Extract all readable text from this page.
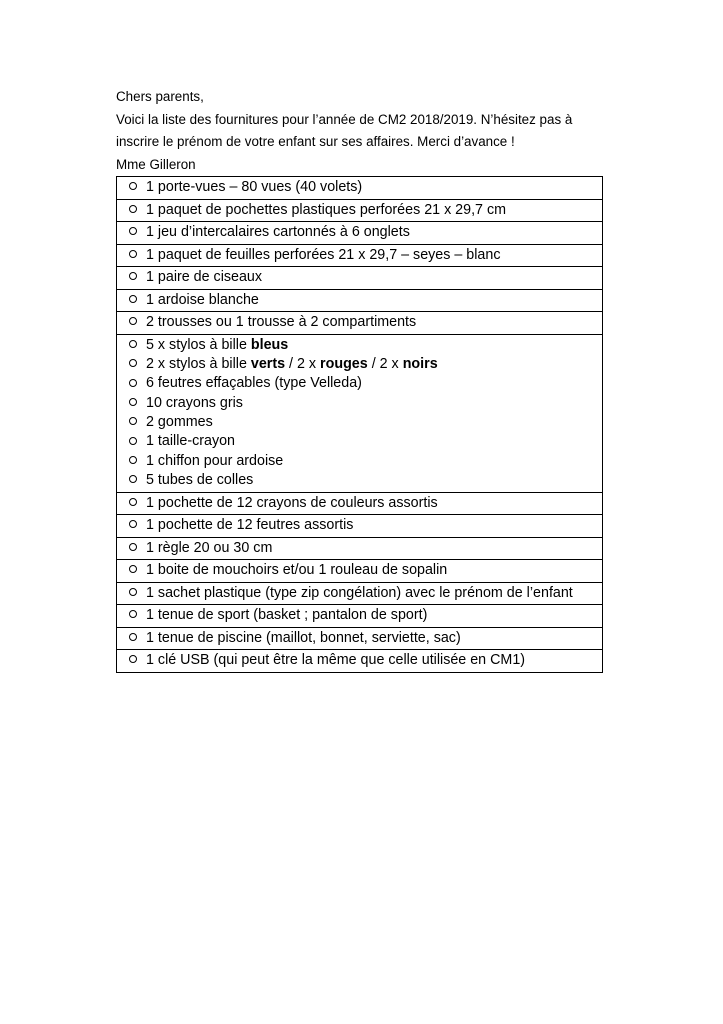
Chers parents,

Voici la liste des fournitures pour l’année de CM2 2018/2019. N’hésitez pas à

inscrire le prénom de votre enfant sur ses affaires. Merci d’avance !

Mme Gilleron

1 porte-vues – 80 vues (40 volets)

1 paquet de pochettes plastiques perforées 21 x 29,7 cm

1 jeu d’intercalaires cartonnés à 6 onglets

1 paquet de feuilles perforées 21 x 29,7 – seyes – blanc

1 paire de ciseaux

1 ardoise blanche

2 trousses ou 1 trousse à 2 compartiments

5 x stylos à bille bleus
2 x stylos à bille verts / 2 x rouges / 2 x noirs
6 feutres effaçables (type Velleda)
10 crayons gris
2 gommes
1 taille-crayon
1 chiffon pour ardoise
5 tubes de colles

1 pochette de 12 crayons de couleurs assortis

1 pochette de 12 feutres assortis

1 règle 20 ou 30 cm

1 boite de mouchoirs et/ou 1 rouleau de sopalin

1 sachet plastique (type zip congélation) avec le prénom de l’enfant

1 tenue de sport (basket ; pantalon de sport)

1 tenue de piscine (maillot, bonnet, serviette, sac)

1 clé USB (qui peut être la même que celle utilisée en CM1)
